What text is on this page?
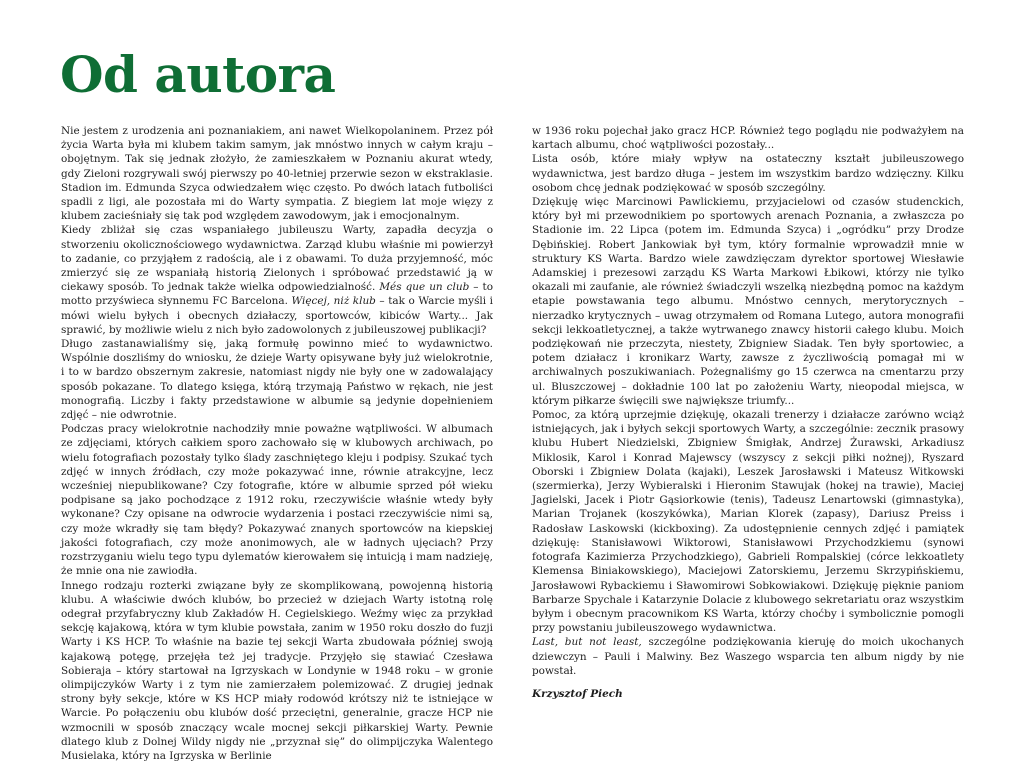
Od autora

Nie jestem z urodzenia ani poznaniakiem, ani nawet Wielkopolaninem. Przez pół życia Warta była mi klubem takim samym, jak mnóstwo innych w całym kraju – obojętnym. Tak się jednak złożyło, że zamieszkałem w Poznaniu akurat wtedy, gdy Zieloni rozgrywali swój pierwszy po 40-letniej przerwie sezon w ekstraklasie. Stadion im. Edmunda Szyca odwiedzałem więc często. Po dwóch latach futboliści spadli z ligi, ale pozostała mi do Warty sympatia. Z biegiem lat moje więzy z klubem zacieśniały się tak pod względem zawodowym, jak i emocjonalnym.

Kiedy zbliżał się czas wspaniałego jubileuszu Warty, zapadła decyzja o stworzeniu okolicznościowego wydawnictwa. Zarząd klubu właśnie mi powierzył to zadanie, co przyjąłem z radością, ale i z obawami. To duża przyjemność, móc zmierzyć się ze wspaniałą historią Zielonych i spróbować przedstawić ją w ciekawy sposób. To jednak także wielka odpowiedzialność. Més que un club – to motto przyświeca słynnemu FC Barcelona. Więcej, niż klub – tak o Warcie myśli i mówi wielu byłych i obecnych działaczy, sportowców, kibiców Warty... Jak sprawić, by możliwie wielu z nich było zadowolonych z jubileuszowej publikacji?

Długo zastanawialiśmy się, jaką formułę powinno mieć to wydawnictwo. Wspólnie doszliśmy do wniosku, że dzieje Warty opisywane były już wielokrotnie, i to w bardzo obszernym zakresie, natomiast nigdy nie były one w zadowalający sposób pokazane. To dlatego księga, którą trzymają Państwo w rękach, nie jest monografią. Liczby i fakty przedstawione w albumie są jedynie dopełnieniem zdjęć – nie odwrotnie.

Podczas pracy wielokrotnie nachodziły mnie poważne wątpliwości. W albumach ze zdjęciami, których całkiem sporo zachowało się w klubowych archiwach, po wielu fotografiach pozostały tylko ślady zaschniętego kleju i podpisy. Szukać tych zdjęć w innych źródłach, czy może pokazywać inne, równie atrakcyjne, lecz wcześniej niepublikowane? Czy fotografie, które w albumie sprzed pół wieku podpisane są jako pochodzące z 1912 roku, rzeczywiście właśnie wtedy były wykonane? Czy opisane na odwrocie wydarzenia i postaci rzeczywiście nimi są, czy może wkradły się tam błędy? Pokazywać znanych sportowców na kiepskiej jakości fotografiach, czy może anonimowych, ale w ładnych ujęciach? Przy rozstrzyganiu wielu tego typu dylematów kierowałem się intuicją i mam nadzieję, że mnie ona nie zawiodła.

Innego rodzaju rozterki związane były ze skomplikowaną, powojenną historią klubu. A właściwie dwóch klubów, bo przecież w dziejach Warty istotną rolę odegrał przyfabryczny klub Zakładów H. Cegielskiego. Weźmy więc za przykład sekcję kajakową, która w tym klubie powstała, zanim w 1950 roku doszło do fuzji Warty i KS HCP. To właśnie na bazie tej sekcji Warta zbudowała później swoją kajakową potęgę, przejęła też jej tradycje. Przyjęło się stawiać Czesława Sobieraja – który startował na Igrzyskach w Londynie w 1948 roku – w gronie olimpijczyków Warty i z tym nie zamierzałem polemizować. Z drugiej jednak strony były sekcje, które w KS HCP miały rodowód krótszy niż te istniejące w Warcie. Po połączeniu obu klubów dość przeciętni, generalnie, gracze HCP nie wzmocnili w sposób znaczący wcale mocnej sekcji piłkarskiej Warty. Pewnie dlatego klub z Dolnej Wildy nigdy nie „przyznał się” do olimpijczyka Walentego Musielaka, który na Igrzyska w Berlinie

w 1936 roku pojechał jako gracz HCP. Również tego poglądu nie podważyłem na kartach albumu, choć wątpliwości pozostały...

Lista osób, które miały wpływ na ostateczny kształt jubileuszowego wydawnictwa, jest bardzo długa – jestem im wszystkim bardzo wdzięczny. Kilku osobom chcę jednak podziękować w sposób szczególny.

Dziękuję więc Marcinowi Pawlickiemu, przyjacielowi od czasów studenckich, który był mi przewodnikiem po sportowych arenach Poznania, a zwłaszcza po Stadionie im. 22 Lipca (potem im. Edmunda Szyca) i „ogródku” przy Drodze Dębińskiej. Robert Jankowiak był tym, który formalnie wprowadził mnie w struktury KS Warta. Bardzo wiele zawdzięczam dyrektor sportowej Wiesławie Adamskiej i prezesowi zarządu KS Warta Markowi Łbikowi, którzy nie tylko okazali mi zaufanie, ale również świadczyli wszelką niezbędną pomoc na każdym etapie powstawania tego albumu. Mnóstwo cennych, merytorycznych – nierzadko krytycznych – uwag otrzymałem od Romana Lutego, autora monografii sekcji lekkoatletycznej, a także wytrwanego znawcy historii całego klubu. Moich podziękowań nie przeczyta, niestety, Zbigniew Siadak. Ten były sportowiec, a potem działacz i kronikarz Warty, zawsze z życzliwością pomagał mi w archiwalnych poszukiwaniach. Pożegnaliśmy go 15 czerwca na cmentarzu przy ul. Bluszczowej – dokładnie 100 lat po założeniu Warty, nieopodal miejsca, w którym piłkarze święcili swe największe triumfy...

Pomoc, za którą uprzejmie dziękuję, okazali trenerzy i działacze zarówno wciąż istniejących, jak i byłych sekcji sportowych Warty, a szczególnie: zecznik prasowy klubu Hubert Niedzielski, Zbigniew Śmigłak, Andrzej Żurawski, Arkadiusz Miklosik, Karol i Konrad Majewscy (wszyscy z sekcji piłki nożnej), Ryszard Oborski i Zbigniew Dolata (kajaki), Leszek Jarosławski i Mateusz Witkowski (szermierka), Jerzy Wybieralski i Hieronim Stawujak (hokej na trawie), Maciej Jagielski, Jacek i Piotr Gąsiorkowie (tenis), Tadeusz Lenartowski (gimnastyka), Marian Trojanek (koszykówka), Marian Klorek (zapasy), Dariusz Preiss i Radosław Laskowski (kickboxing). Za udostępnienie cennych zdjęć i pamiątek dziękuję: Stanisławowi Wiktorowi, Stanisławowi Przychodzkiemu (synowi fotografa Kazimierza Przychodzkiego), Gabrieli Rompalskiej (córce lekkoatlety Klemensa Biniakowskiego), Maciejowi Zatorskiemu, Jerzemu Skrzypińskiemu, Jarosławowi Rybackiemu i Sławomirowi Sobkowiakowi. Dziękuję pięknie paniom Barbarze Spychale i Katarzynie Dolacie z klubowego sekretariatu oraz wszystkim byłym i obecnym pracownikom KS Warta, którzy choćby i symbolicznie pomogli przy powstaniu jubileuszowego wydawnictwa.

Last, but not least, szczególne podziękowania kieruję do moich ukochanych dziewczyn – Pauli i Malwiny. Bez Waszego wsparcia ten album nigdy by nie powstał.

Krzysztof Piech
